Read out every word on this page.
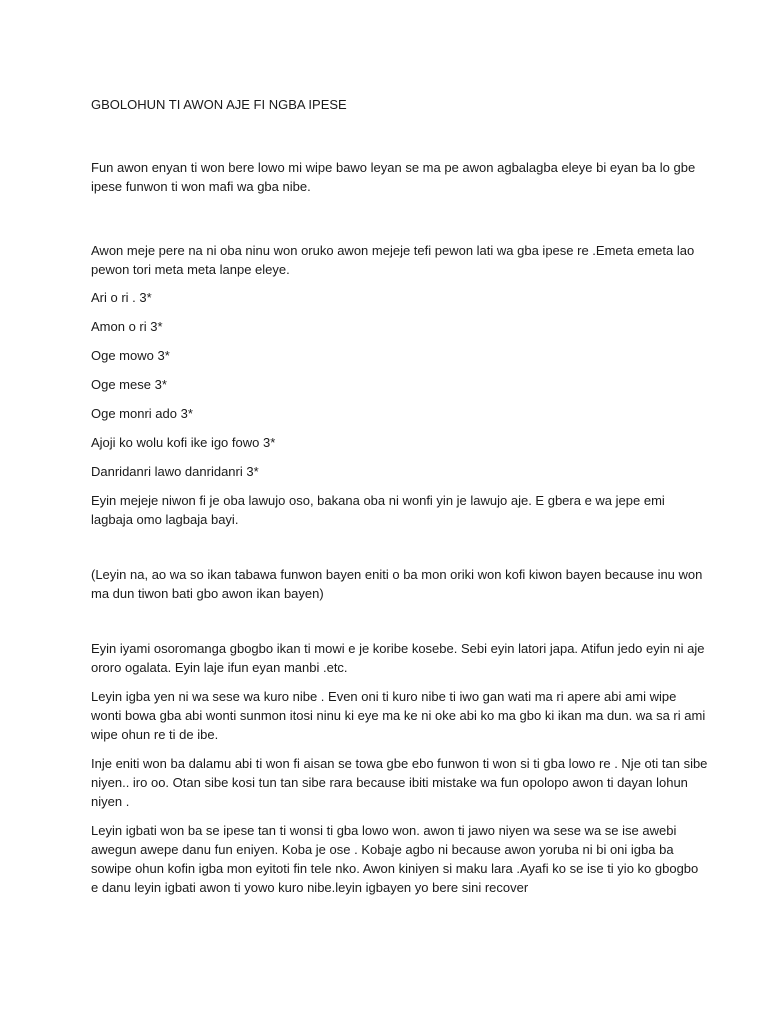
GBOLOHUN TI AWON AJE FI NGBA IPESE

Fun awon enyan ti won bere lowo mi wipe bawo leyan se ma pe awon agbalagba eleye bi eyan ba lo gbe ipese funwon ti won mafi wa gba nibe.

Awon meje pere na ni oba ninu won oruko awon mejeje tefi pewon lati wa gba ipese re .Emeta emeta lao pewon tori meta meta lanpe eleye.

Ari o ri . 3*

Amon o ri 3*

Oge mowo 3*

Oge mese 3*

Oge monri ado 3*

Ajoji ko wolu kofi ike igo fowo 3*

Danridanri lawo danridanri 3*

Eyin mejeje niwon fi je oba lawujo oso, bakana oba ni wonfi yin je lawujo aje. E gbera e wa jepe emi lagbaja omo lagbaja bayi.

(Leyin na, ao wa so ikan tabawa funwon bayen eniti o ba mon oriki won kofi kiwon bayen because inu won ma dun tiwon bati gbo awon ikan bayen)

Eyin iyami osoromanga gbogbo ikan ti mowi e je koribe kosebe. Sebi eyin latori japa. Atifun jedo eyin ni aje ororo ogalata. Eyin laje ifun eyan manbi .etc.

Leyin igba yen ni wa sese wa kuro nibe . Even oni ti kuro nibe ti iwo gan wati ma ri apere abi ami wipe wonti bowa gba abi wonti sunmon itosi ninu ki eye ma ke ni oke abi ko ma gbo ki ikan ma dun. wa sa ri ami wipe ohun re ti de ibe.

Inje eniti won ba dalamu abi ti won fi aisan se towa gbe ebo funwon ti won si ti gba lowo re . Nje oti tan sibe niyen.. iro oo. Otan sibe kosi tun tan sibe rara because ibiti mistake wa fun opolopo awon ti dayan lohun niyen .

Leyin igbati won ba se ipese tan ti wonsi ti gba lowo won. awon ti jawo niyen wa sese wa se ise awebi awegun awepe danu fun eniyen. Koba je ose . Kobaje agbo ni because awon yoruba ni bi oni igba ba sowipe ohun kofin igba mon eyitoti fin tele nko. Awon kiniyen si maku lara .Ayafi ko se ise ti yio ko gbogbo e danu leyin igbati awon ti yowo kuro nibe.leyin igbayen yo bere sini recover
